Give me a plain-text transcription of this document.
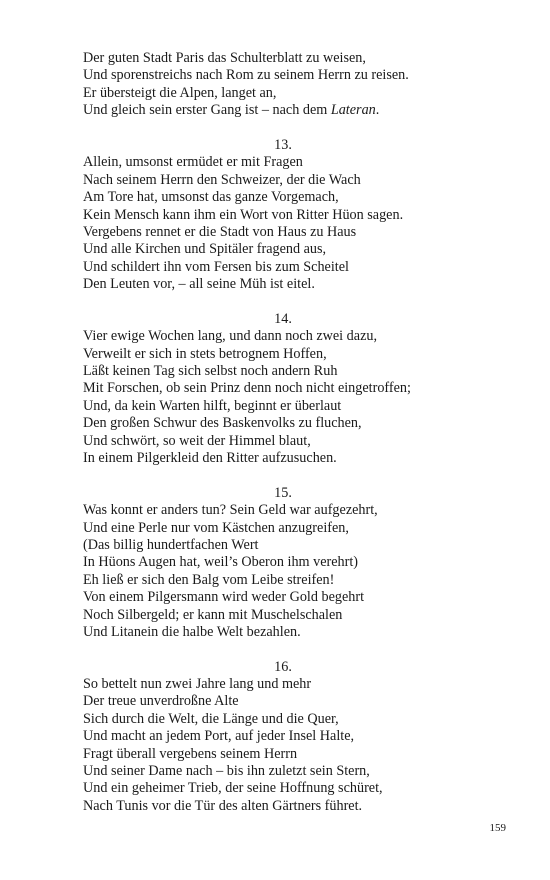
Der guten Stadt Paris das Schulterblatt zu weisen,
Und sporenstreichs nach Rom zu seinem Herrn zu reisen.
Er übersteigt die Alpen, langet an,
Und gleich sein erster Gang ist – nach dem Lateran.
13.
Allein, umsonst ermüdet er mit Fragen
Nach seinem Herrn den Schweizer, der die Wach
Am Tore hat, umsonst das ganze Vorgemach,
Kein Mensch kann ihm ein Wort von Ritter Hüon sagen.
Vergebens rennet er die Stadt von Haus zu Haus
Und alle Kirchen und Spitäler fragend aus,
Und schildert ihn vom Fersen bis zum Scheitel
Den Leuten vor, – all seine Müh ist eitel.
14.
Vier ewige Wochen lang, und dann noch zwei dazu,
Verweilt er sich in stets betrognem Hoffen,
Läßt keinen Tag sich selbst noch andern Ruh
Mit Forschen, ob sein Prinz denn noch nicht eingetroffen;
Und, da kein Warten hilft, beginnt er überlaut
Den großen Schwur des Baskenvolks zu fluchen,
Und schwört, so weit der Himmel blaut,
In einem Pilgerkleid den Ritter aufzusuchen.
15.
Was konnt er anders tun? Sein Geld war aufgezehrt,
Und eine Perle nur vom Kästchen anzugreifen,
(Das billig hundertfachen Wert
In Hüons Augen hat, weil’s Oberon ihm verehrt)
Eh ließ er sich den Balg vom Leibe streifen!
Von einem Pilgersmann wird weder Gold begehrt
Noch Silbergeld; er kann mit Muschelschalen
Und Litanein die halbe Welt bezahlen.
16.
So bettelt nun zwei Jahre lang und mehr
Der treue unverdroßne Alte
Sich durch die Welt, die Länge und die Quer,
Und macht an jedem Port, auf jeder Insel Halte,
Fragt überall vergebens seinem Herrn
Und seiner Dame nach – bis ihn zuletzt sein Stern,
Und ein geheimer Trieb, der seine Hoffnung schüret,
Nach Tunis vor die Tür des alten Gärtners führet.
159
